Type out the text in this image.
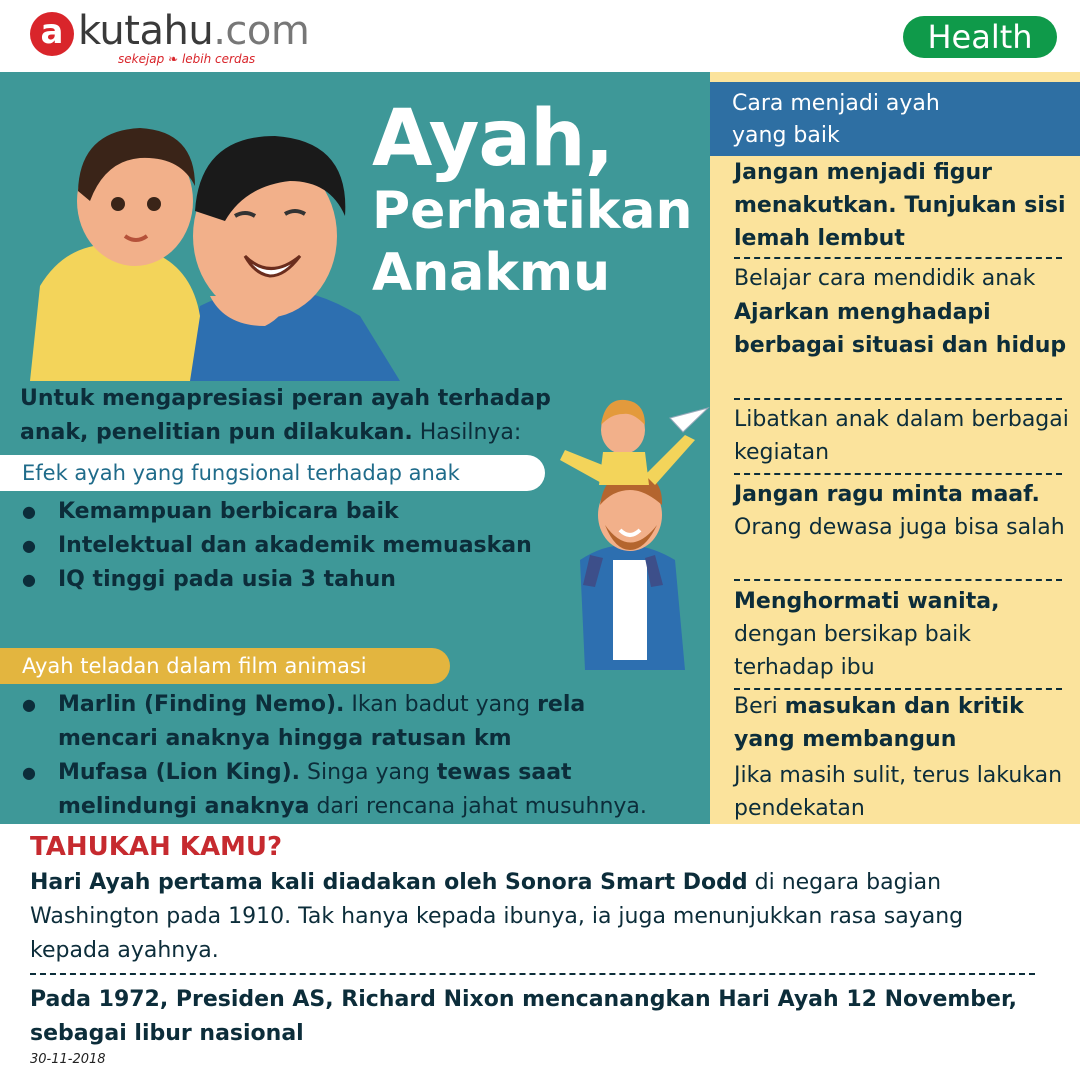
a kutahu.com
sekejap ❧ lebih cerdas
Health
Ayah,
Perhatikan
Anakmu
Untuk mengapresiasi peran ayah terhadap anak, penelitian pun dilakukan. Hasilnya:
Efek ayah yang fungsional terhadap anak
● Kemampuan berbicara baik
● Intelektual dan akademik memuaskan
● IQ tinggi pada usia 3 tahun
Ayah teladan dalam film animasi
● Marlin (Finding Nemo). Ikan badut yang rela mencari anaknya hingga ratusan km
● Mufasa (Lion King). Singa yang tewas saat melindungi anaknya dari rencana jahat musuhnya.
Cara menjadi ayah yang baik
Jangan menjadi figur menakutkan. Tunjukan sisi lemah lembut
Belajar cara mendidik anak
Ajarkan menghadapi berbagai situasi dan hidup
Libatkan anak dalam berbagai kegiatan
Jangan ragu minta maaf.
Orang dewasa juga bisa salah
Menghormati wanita,
dengan bersikap baik terhadap ibu
Beri masukan dan kritik yang membangun
Jika masih sulit, terus lakukan pendekatan
TAHUKAH KAMU?
Hari Ayah pertama kali diadakan oleh Sonora Smart Dodd di negara bagian Washington pada 1910. Tak hanya kepada ibunya, ia juga menunjukkan rasa sayang kepada ayahnya.
Pada 1972, Presiden AS, Richard Nixon mencanangkan Hari Ayah 12 November, sebagai libur nasional
30-11-2018
